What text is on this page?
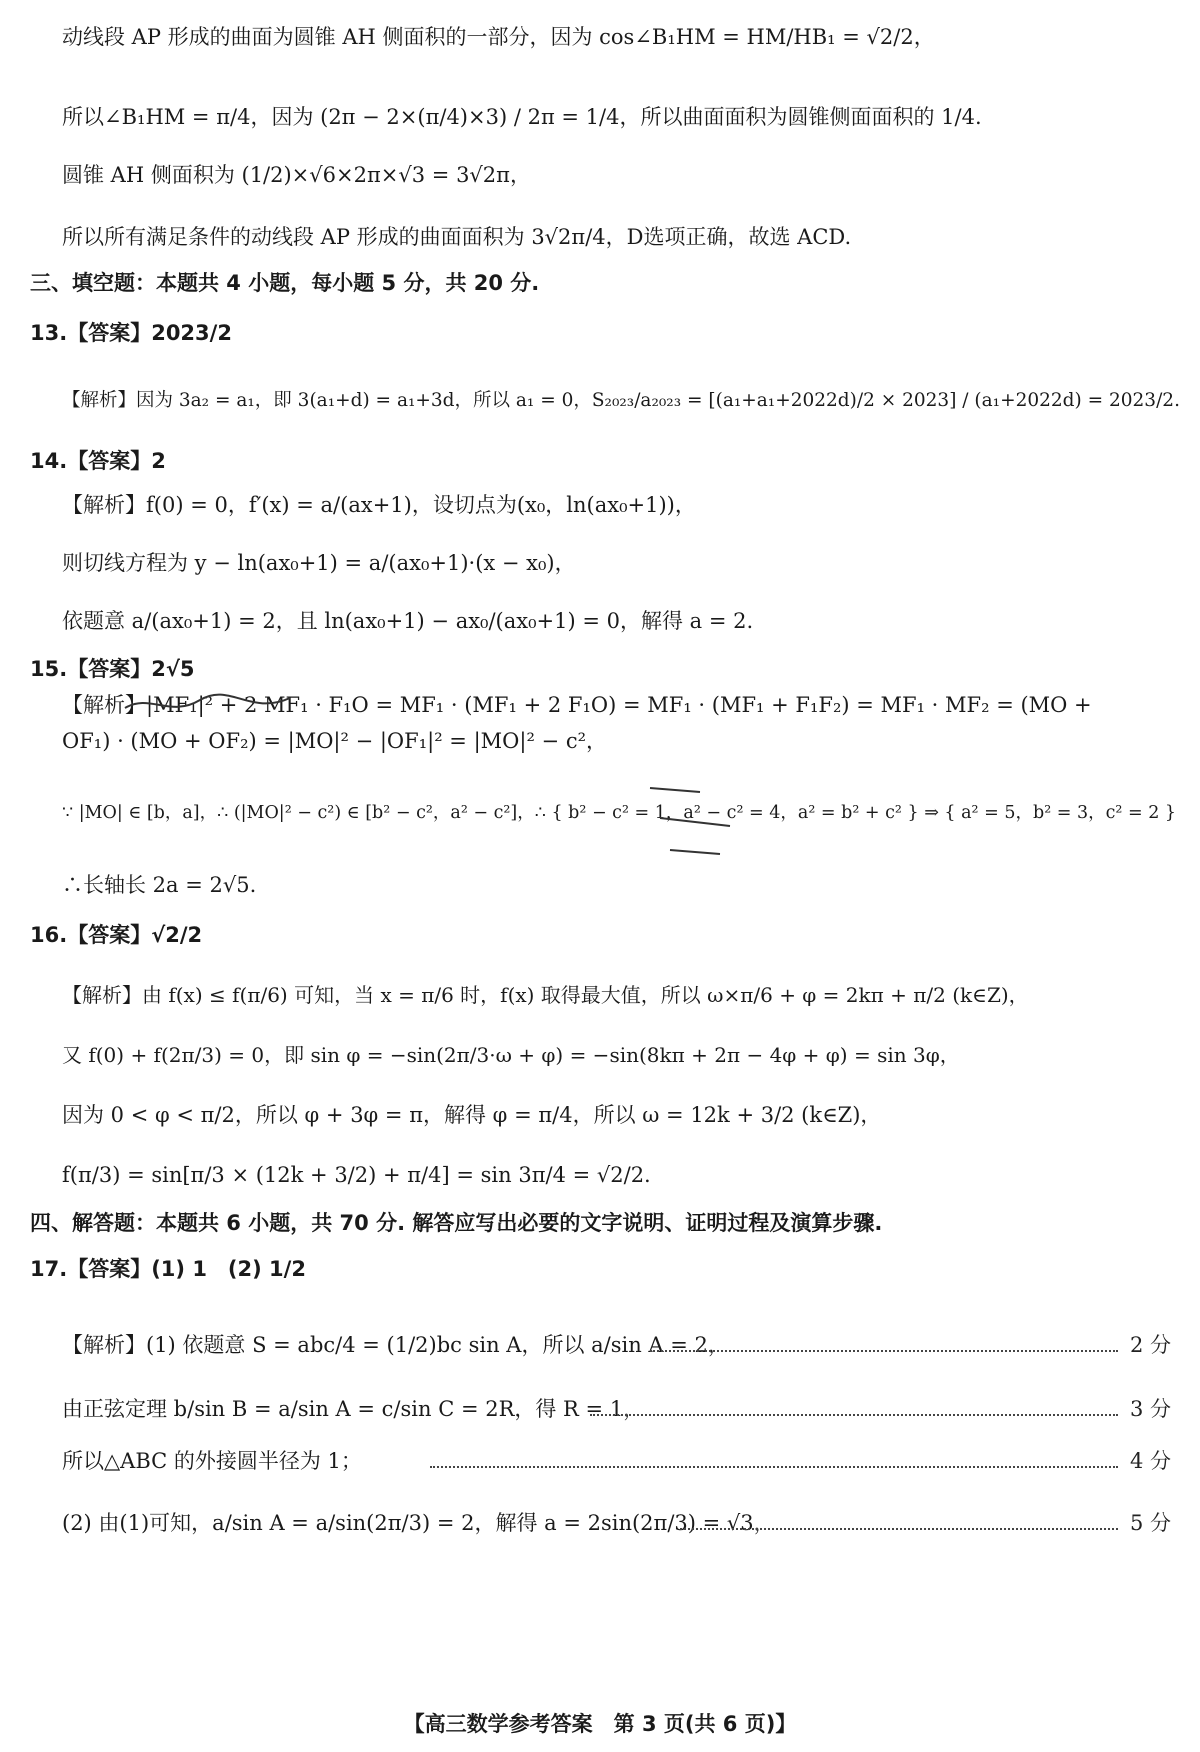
动线段 AP 形成的曲面为圆锥 AH 侧面积的一部分，因为 cos∠B₁HM = HM/HB₁ = √2/2，
所以∠B₁HM = π/4，因为 (2π − 2×(π/4)×3) / 2π = 1/4，所以曲面面积为圆锥侧面面积的 1/4.
圆锥 AH 侧面积为 (1/2)×√6×2π×√3 = 3√2π，
所以所有满足条件的动线段 AP 形成的曲面面积为 3√2π/4，D选项正确，故选 ACD.
三、填空题：本题共 4 小题，每小题 5 分，共 20 分.
13.【答案】2023/2
【解析】因为 3a₂ = a₁，即 3(a₁+d) = a₁+3d，所以 a₁ = 0，S₂₀₂₃/a₂₀₂₃ = [(a₁+a₁+2022d)/2 × 2023] / (a₁+2022d) = 2023/2.
14.【答案】2
【解析】f(0) = 0，f′(x) = a/(ax+1)，设切点为(x₀，ln(ax₀+1))，
则切线方程为 y − ln(ax₀+1) = a/(ax₀+1)·(x − x₀)，
依题意 a/(ax₀+1) = 2，且 ln(ax₀+1) − ax₀/(ax₀+1) = 0，解得 a = 2.
15.【答案】2√5
【解析】|MF₁|² + 2 MF₁ · F₁O = MF₁ · (MF₁ + 2 F₁O) = MF₁ · (MF₁ + F₁F₂) = MF₁ · MF₂ = (MO +
OF₁) · (MO + OF₂) = |MO|² − |OF₁|² = |MO|² − c²，
∵ |MO| ∈ [b，a]，∴ (|MO|² − c²) ∈ [b² − c²，a² − c²]，∴ { b² − c² = 1，a² − c² = 4，a² = b² + c² } ⇒ { a² = 5，b² = 3，c² = 2 }
∴长轴长 2a = 2√5.
16.【答案】√2/2
【解析】由 f(x) ≤ f(π/6) 可知，当 x = π/6 时，f(x) 取得最大值，所以 ω×π/6 + φ = 2kπ + π/2 (k∈Z)，
又 f(0) + f(2π/3) = 0，即 sin φ = −sin(2π/3·ω + φ) = −sin(8kπ + 2π − 4φ + φ) = sin 3φ，
因为 0 < φ < π/2，所以 φ + 3φ = π，解得 φ = π/4，所以 ω = 12k + 3/2 (k∈Z)，
f(π/3) = sin[π/3 × (12k + 3/2) + π/4] = sin 3π/4 = √2/2.
四、解答题：本题共 6 小题，共 70 分. 解答应写出必要的文字说明、证明过程及演算步骤.
17.【答案】(1) 1　(2) 1/2
【解析】(1) 依题意 S = abc/4 = (1/2)bc sin A，所以 a/sin A = 2，	2 分
由正弦定理 b/sin B = a/sin A = c/sin C = 2R，得 R = 1，	3 分
所以△ABC 的外接圆半径为 1；	4 分
(2) 由(1)可知，a/sin A = a/sin(2π/3) = 2，解得 a = 2sin(2π/3) = √3，	5 分
【高三数学参考答案　第 3 页(共 6 页)】
